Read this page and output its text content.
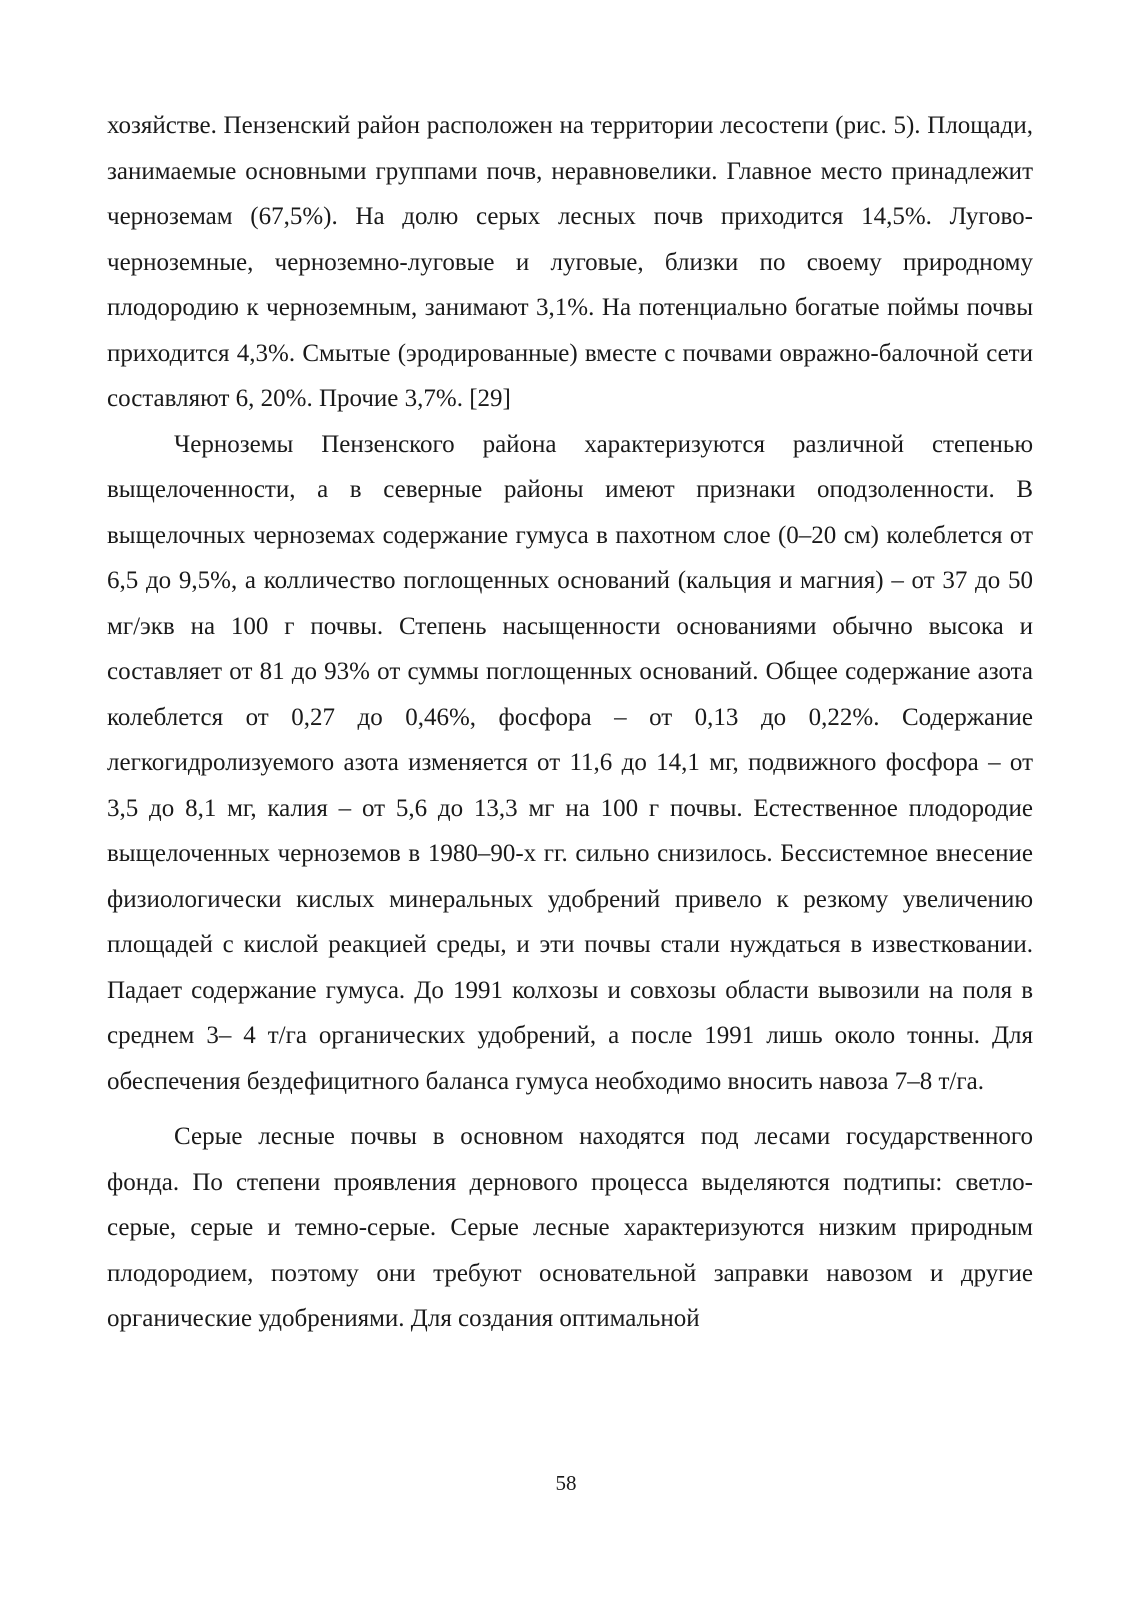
хозяйстве. Пензенский район расположен на территории лесостепи (рис. 5). Площади, занимаемые основными группами почв, неравновелики. Главное место принадлежит черноземам (67,5%). На долю серых лесных почв приходится 14,5%. Лугово-черноземные, черноземно-луговые и луговые, близки по своему природному плодородию к черноземным, занимают 3,1%. На потенциально богатые поймы почвы приходится 4,3%. Смытые (эродированные) вместе с почвами овражно-балочной сети составляют 6, 20%. Прочие 3,7%. [29]

Черноземы Пензенского района характеризуются различной степенью выщелоченности, а в северные районы имеют признаки оподзоленности. В выщелочных черноземах содержание гумуса в пахотном слое (0–20 см) колеблется от 6,5 до 9,5%, а колличество поглощенных оснований (кальция и магния) – от 37 до 50 мг/экв на 100 г почвы. Степень насыщенности основаниями обычно высока и составляет от 81 до 93% от суммы поглощенных оснований. Общее содержание азота колеблется от 0,27 до 0,46%, фосфора – от 0,13 до 0,22%. Содержание легкогидролизуемого азота изменяется от 11,6 до 14,1 мг, подвижного фосфора – от 3,5 до 8,1 мг, калия – от 5,6 до 13,3 мг на 100 г почвы. Естественное плодородие выщелоченных черноземов в 1980–90-х гг. сильно снизилось. Бессистемное внесение физиологически кислых минеральных удобрений привело к резкому увеличению площадей с кислой реакцией среды, и эти почвы стали нуждаться в известковании. Падает содержание гумуса. До 1991 колхозы и совхозы области вывозили на поля в среднем 3– 4 т/га органических удобрений, а после 1991 лишь около тонны. Для обеспечения бездефицитного баланса гумуса необходимо вносить навоза 7–8 т/га.

Серые лесные почвы в основном находятся под лесами государственного фонда. По степени проявления дернового процесса выделяются подтипы: светло-серые, серые и темно-серые. Серые лесные характеризуются низким природным плодородием, поэтому они требуют основательной заправки навозом и другие органические удобрениями. Для создания оптимальной

58
